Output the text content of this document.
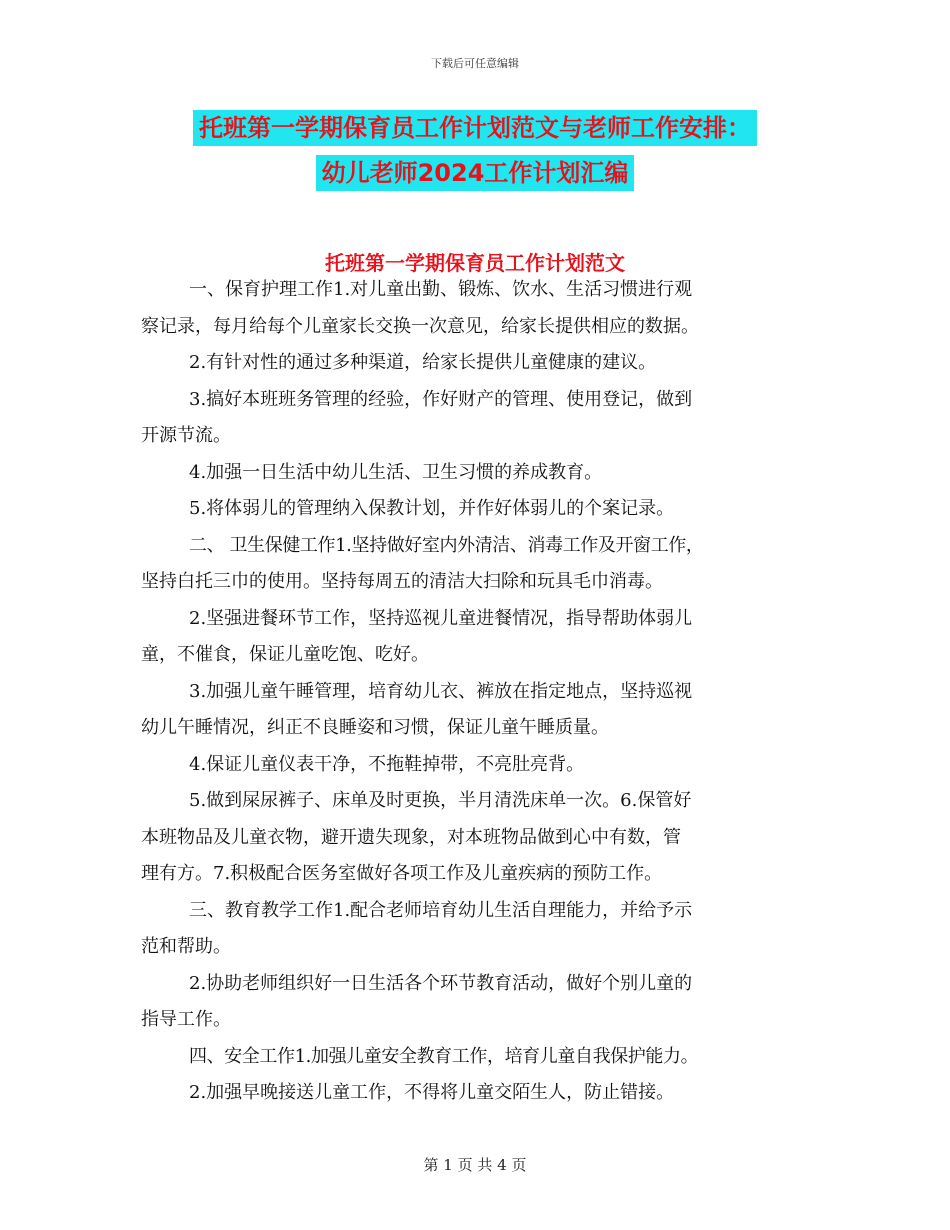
下载后可任意编辑
托班第一学期保育员工作计划范文与老师工作安排：
幼儿老师2024工作计划汇编
托班第一学期保育员工作计划范文
一、保育护理工作1.对儿童出勤、锻炼、饮水、生活习惯进行观
察记录，每月给每个儿童家长交换一次意见，给家长提供相应的数据。
2.有针对性的通过多种渠道，给家长提供儿童健康的建议。
3.搞好本班班务管理的经验，作好财产的管理、使用登记，做到
开源节流。
4.加强一日生活中幼儿生活、卫生习惯的养成教育。
5.将体弱儿的管理纳入保教计划，并作好体弱儿的个案记录。
二、 卫生保健工作1.坚持做好室内外清洁、消毒工作及开窗工作，
坚持白托三巾的使用。坚持每周五的清洁大扫除和玩具毛巾消毒。
2.坚强进餐环节工作，坚持巡视儿童进餐情况，指导帮助体弱儿
童，不催食，保证儿童吃饱、吃好。
3.加强儿童午睡管理，培育幼儿衣、裤放在指定地点，坚持巡视
幼儿午睡情况，纠正不良睡姿和习惯，保证儿童午睡质量。
4.保证儿童仪表干净，不拖鞋掉带，不亮肚亮背。
5.做到屎尿裤子、床单及时更换，半月清洗床单一次。6.保管好
本班物品及儿童衣物，避开遗失现象，对本班物品做到心中有数，管
理有方。7.积极配合医务室做好各项工作及儿童疾病的预防工作。
三、教育教学工作1.配合老师培育幼儿生活自理能力，并给予示
范和帮助。
2.协助老师组织好一日生活各个环节教育活动，做好个别儿童的
指导工作。
四、安全工作1.加强儿童安全教育工作，培育儿童自我保护能力。
2.加强早晚接送儿童工作，不得将儿童交陌生人，防止错接。
第 1 页 共 4 页
